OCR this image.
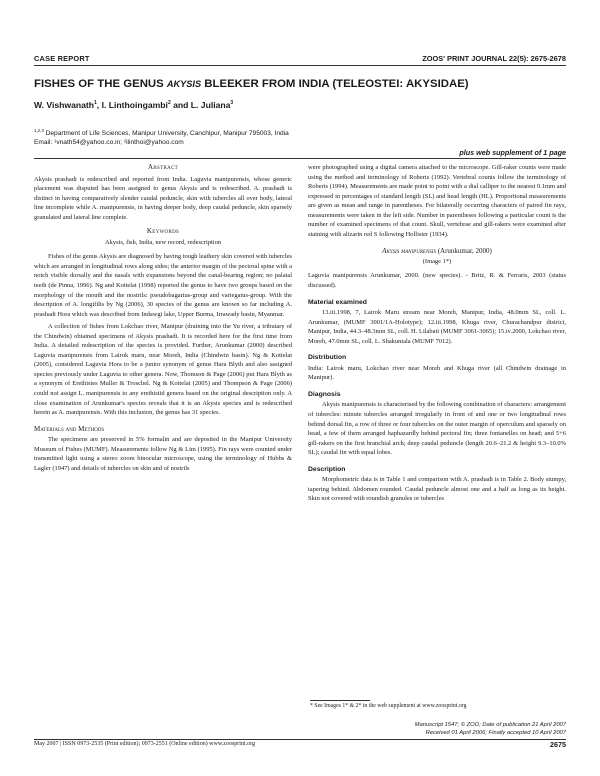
CASE REPORT	ZOOS' PRINT JOURNAL 22(5): 2675-2678
FISHES OF THE GENUS AKYSIS BLEEKER FROM INDIA (TELEOSTEI: AKYSIDAE)
W. Vishwanath$^1$, I. Linthoingambi$^2$ and L. Juliana$^3$
$^{1,2,3}$ Department of Life Sciences, Manipur University, Canchipur, Manipur 795003, India
Email: ¹vnath54@yahoo.co.in; ²ilinthoi@yahoo.com
plus web supplement of 1 page

Abstract

Akysis prashadi is redescribed and reported from India. Laguvia manipurensis, whose generic placement was disputed has been assigned to genus Akysis and is redescribed. A. prashadi is distinct in having comparatively slender caudal peduncle, skin with tubercles all over body, lateral line incomplete while A. manipurensis, in having deeper body, deep caudal peduncle, skin sparsely granulated and lateral line complete.

Keywords

Akysis, fish, India, new record, redescription

Fishes of the genus Akysis are diagnosed by having tough leathery skin covered with tubercles which are arranged in longitudinal rows along sides; the anterior margin of the pectoral spine with a notch visible dorsally and the nasals with expansions beyond the canal-bearing region; no palatal teeth (de Pinna, 1996). Ng and Kottelat (1998) reported the genus to have two groups based on the morphology of the mouth and the nostrils: pseudobagarius-group and variegatus-group. With the description of A. longifilis by Ng (2006), 30 species of the genus are known so far including A. prashadi Hora which was described from Indawgi lake, Upper Burma, Irrawady basin, Myanmar.

A collection of fishes from Lokchao river, Manipur (draining into the Yu river, a tributary of the Chindwin) obtained specimens of Akysis prashadi. It is recorded here for the first time from India. A detailed redescription of the species is provided. Further, Arunkumar (2000) described Laguvia manipurensis from Lairok maru, near Moreh, India (Chindwin basin). Ng & Kottelat (2005), considered Laguvia Hora to be a junior synonym of genus Hara Blyth and also assigned species previously under Laguvia to other genera. Now, Thomson & Page (2006) put Hara Blyth as a synonym of Erethistes Muller & Troschel. Ng & Kottelat (2005) and Thompson & Page (2006) could not assign L. manipurensis to any erethistid genera based on the original description only. A close examination of Arunkumar's species reveals that it is an Akysis species and is redescribed herein as A. manipurensis. With this inclusion, the genus has 31 species.

Materials and Methods

The specimens are preserved in 5% formalin and are deposited in the Manipur University Museum of Fishes (MUMF). Measurements follow Ng & Lim (1995). Fin rays were counted under transmitted light using a stereo zoom binocular microscope, using the terminology of Hubbs & Lagler (1947) and details of tubercles on skin and of nostrils

were photographed using a digital camera attached to the microscope. Gill-raker counts were made using the method and terminology of Roberts (1992). Vertebral counts follow the terminology of Roberts (1994). Measurements are made point to point with a dial calliper to the nearest 0.1mm and expressed in percentages of standard length (SL) and head length (HL). Proportional measurements are given as mean and range in parentheses. For bilaterally occurring characters of paired fin rays, measurements were taken in the left side. Number in parentheses following a particular count is the number of examined specimens of that count. Skull, vertebrae and gill-rakers were examined after staining with alizarin red S following Hollister (1934).

Akysis manipurensis (Arunkumar, 2000)

(Image 1*)

Laguvia manipurensis Arunkumar, 2000. (new species). - Britz, R. & Ferraris, 2003 (status discussed).

Material examined

13.iii.1998, 7, Lairok Maru stream near Moreh, Manipur, India, 48.0mm SL, coll. L. Arunkumar, (MUMF 3001/1A-Holotype); 12.iii.1998, Khuga river, Churachandpur district, Manipur, India, 44.3–48.3mm SL, coll. H. Lilabati (MUMF 3061-3065); 15.iv.2000, Lokchao river, Moreh, 47.0mm SL, coll. L. Shakuntala (MUMF 7012).

Distribution

India: Lairok maru, Lokchao river near Moreh and Khuga river (all Chindwin drainage in Manipur).

Diagnosis

Akysis manipurensis is characterised by the following combination of characters: arrangement of tubercles: minute tubercles arranged irregularly in front of and one or two longitudinal rows behind dorsal fin, a row of three or four tubercles on the outer margin of operculum and sparsely on head, a few of them arranged haphazardly behind pectoral fin; three fontanelles on head; and 5+6 gill-rakers on the first branchial arch; deep caudal peduncle (length 20.6–21.2 & height 9.3–10.0% SL); caudal fin with equal lobes.

Description

Morphometric data is in Table 1 and comparison with A. prashadi is in Table 2. Body stumpy, tapering behind. Abdomen rounded. Caudal peduncle almost one and a half as long as its height. Skin not covered with roundish granules or tubercles

* See Images 1* & 2* in the web supplement at www.zoosprint.org
Manuscript 1547; © ZOO; Date of publication 21 April 2007
Received 01 April 2006; Finally accepted 10 April 2007
May 2007 | ISSN 0973-2535 (Print edition); 0973-2551 (Online edition) www.zoosprint.org	2675
